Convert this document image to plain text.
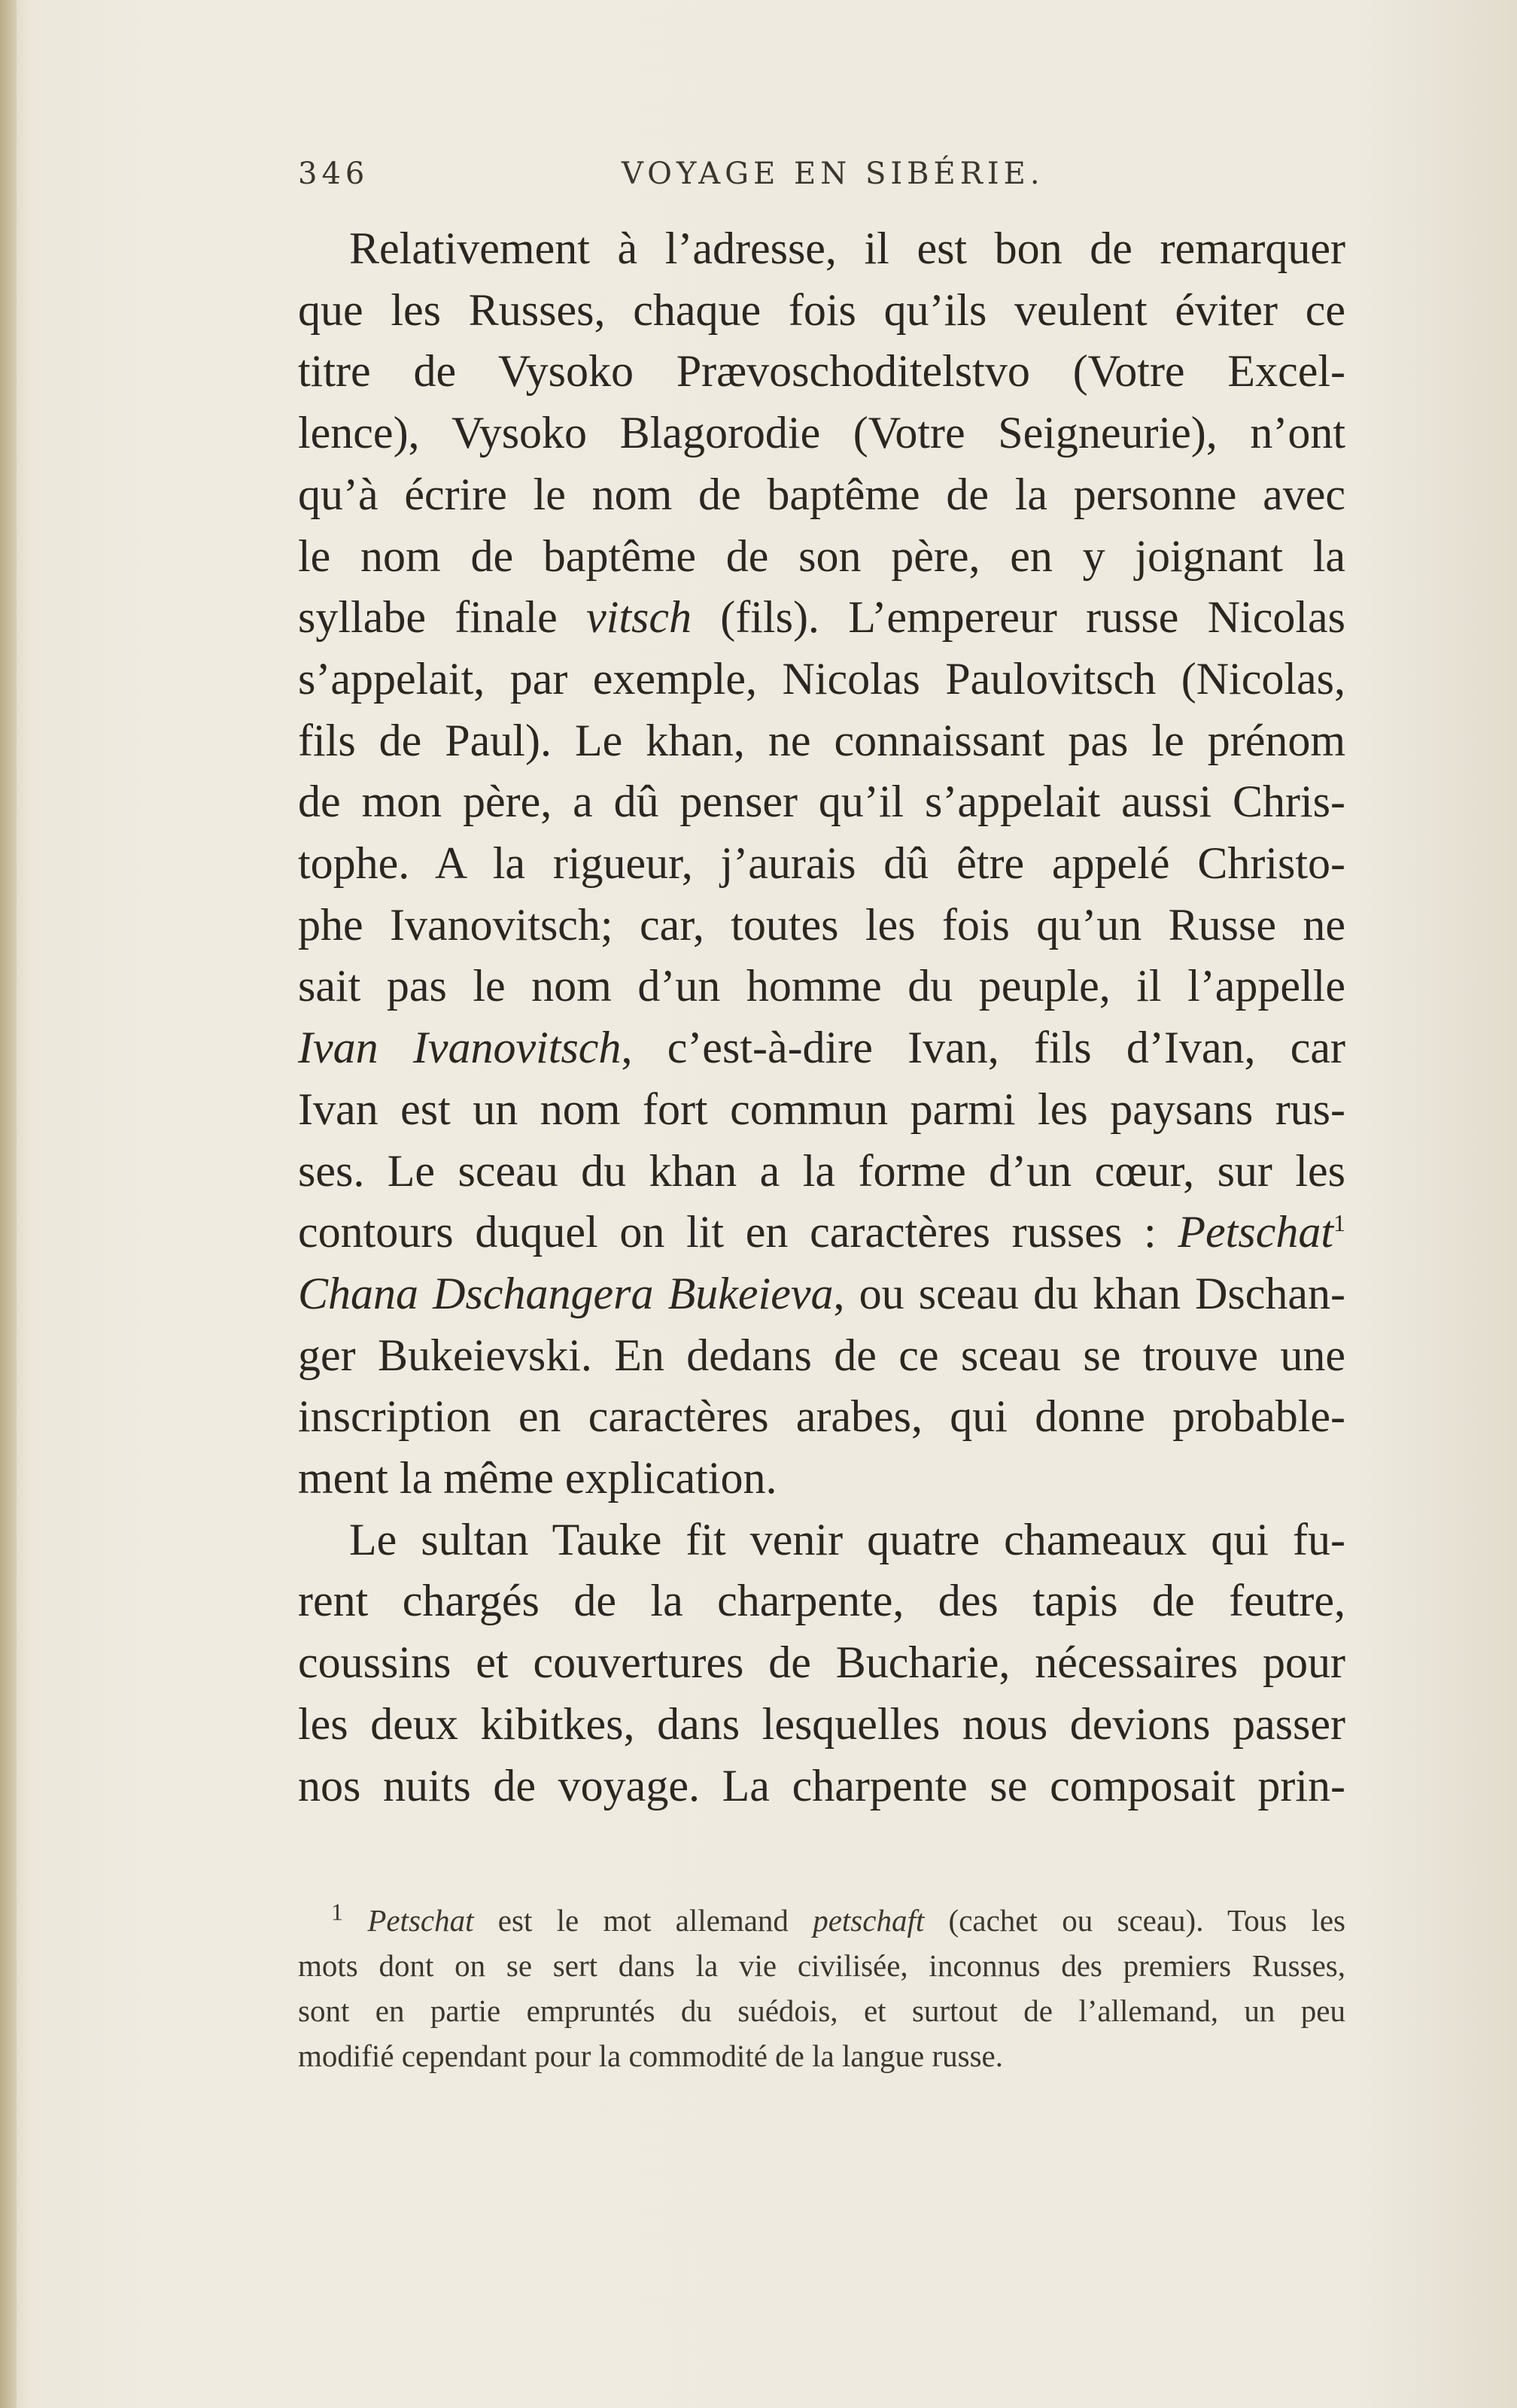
346	VOYAGE EN SIBÉRIE.
Relativement à l’adresse, il est bon de remarquer
que les Russes, chaque fois qu’ils veulent éviter ce
titre de Vysoko Prævoschoditelstvo (Votre Excel-
lence), Vysoko Blagorodie (Votre Seigneurie), n’ont
qu’à écrire le nom de baptême de la personne avec
le nom de baptême de son père, en y joignant la
syllabe finale vitsch (fils). L’empereur russe Nicolas
s’appelait, par exemple, Nicolas Paulovitsch (Nicolas,
fils de Paul). Le khan, ne connaissant pas le prénom
de mon père, a dû penser qu’il s’appelait aussi Chris-
tophe. A la rigueur, j’aurais dû être appelé Christo-
phe Ivanovitsch; car, toutes les fois qu’un Russe ne
sait pas le nom d’un homme du peuple, il l’appelle
Ivan Ivanovitsch, c’est-à-dire Ivan, fils d’Ivan, car
Ivan est un nom fort commun parmi les paysans rus-
ses. Le sceau du khan a la forme d’un cœur, sur les
contours duquel on lit en caractères russes : Petschat$^1$
Chana Dschangera Bukeieva, ou sceau du khan Dschan-
ger Bukeievski. En dedans de ce sceau se trouve une
inscription en caractères arabes, qui donne probable-
ment la même explication.
Le sultan Tauke fit venir quatre chameaux qui fu-
rent chargés de la charpente, des tapis de feutre,
coussins et couvertures de Bucharie, nécessaires pour
les deux kibitkes, dans lesquelles nous devions passer
nos nuits de voyage. La charpente se composait prin-
$^1$ Petschat est le mot allemand petschaft (cachet ou sceau). Tous les
mots dont on se sert dans la vie civilisée, inconnus des premiers Russes,
sont en partie empruntés du suédois, et surtout de l’allemand, un peu
modifié cependant pour la commodité de la langue russe.
